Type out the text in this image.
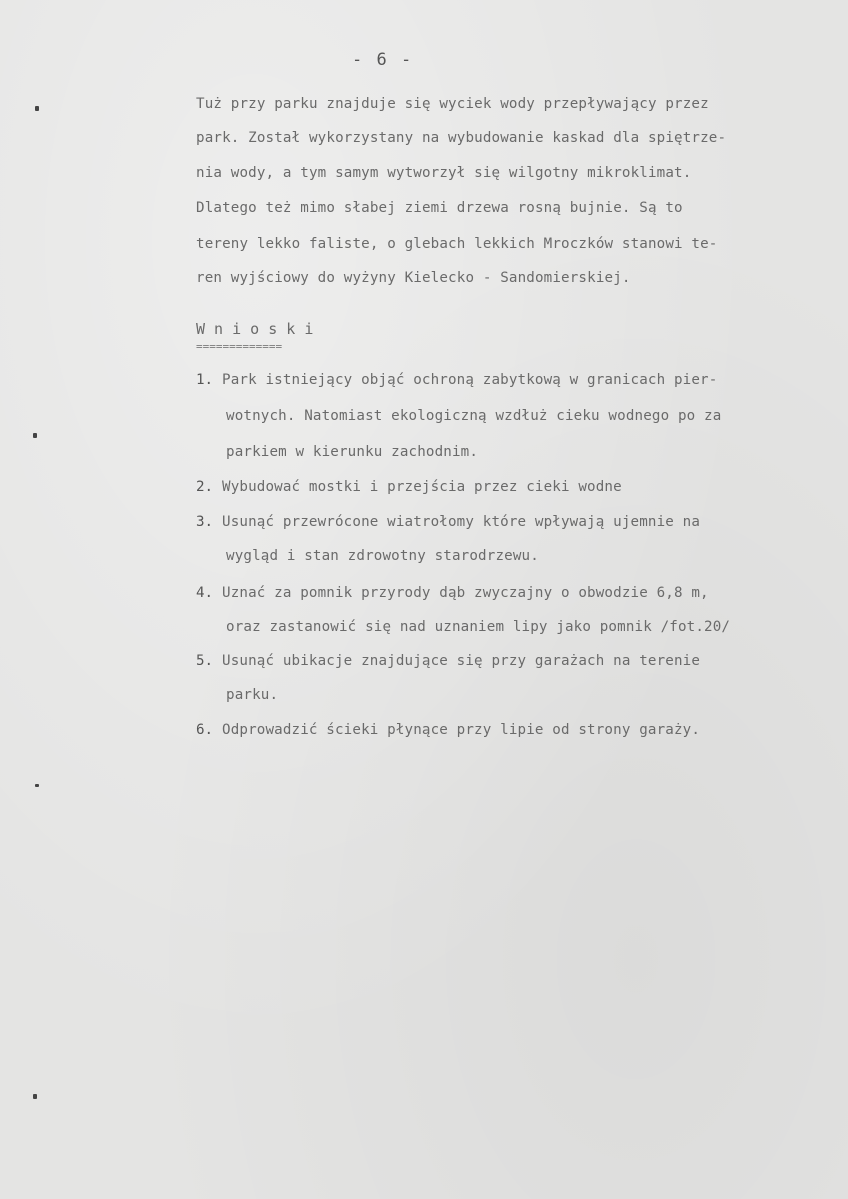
- 6 -
Tuż przy parku znajduje się wyciek wody przepływający przez
park. Został wykorzystany na wybudowanie kaskad dla spiętrze-
nia wody, a tym samym wytworzył się wilgotny mikroklimat.
Dlatego też mimo słabej ziemi drzewa rosną bujnie. Są to
tereny lekko faliste, o glebach lekkich Mroczków stanowi te-
ren wyjściowy do wyżyny Kielecko - Sandomierskiej.
W n i o s k i
=============
1. Park istniejący objąć ochroną zabytkową w granicach pier-
wotnych. Natomiast ekologiczną wzdłuż cieku wodnego po za
parkiem w kierunku zachodnim.
2. Wybudować mostki i przejścia przez cieki wodne
3. Usunąć przewrócone wiatrołomy które wpływają ujemnie na
wygląd i stan zdrowotny starodrzewu.
4. Uznać za pomnik przyrody dąb zwyczajny o obwodzie 6,8 m,
oraz zastanowić się nad uznaniem lipy jako pomnik /fot.20/
5. Usunąć ubikacje znajdujące się przy garażach na terenie
parku.
6. Odprowadzić ścieki płynące przy lipie od strony garaży.
